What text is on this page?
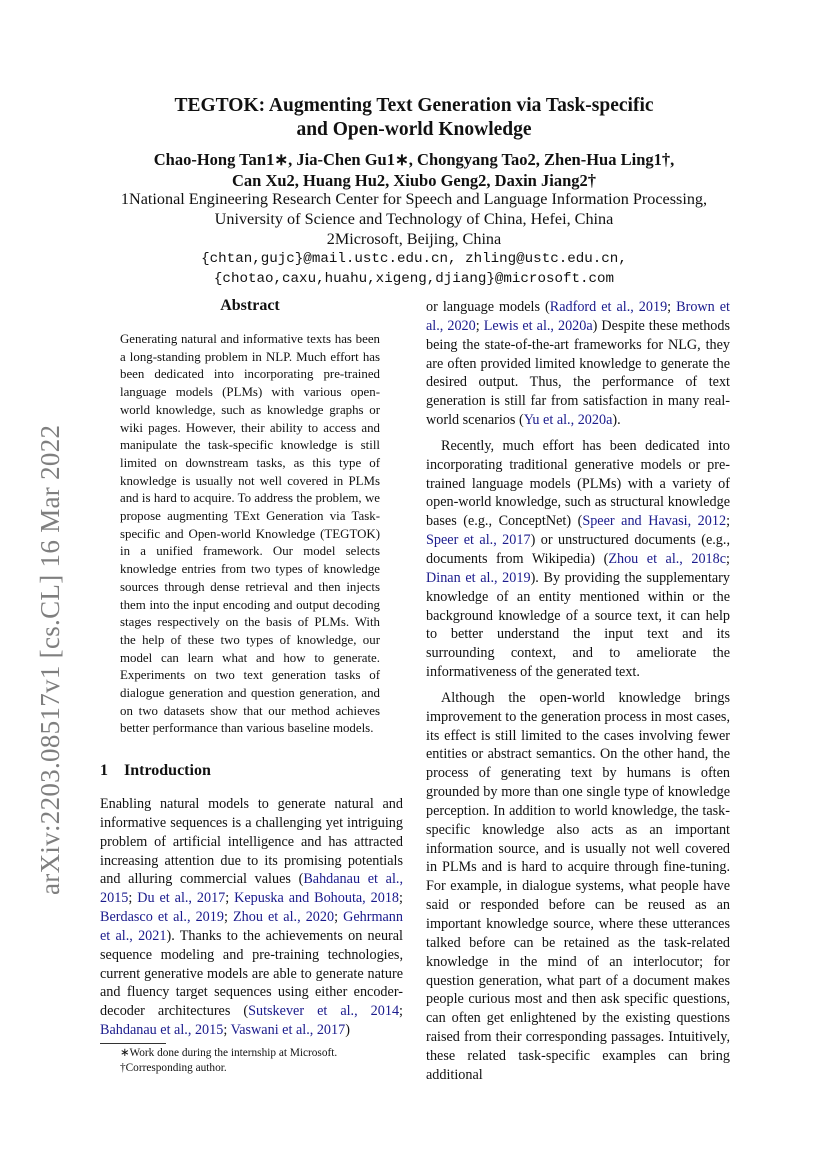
arXiv:2203.08517v1 [cs.CL] 16 Mar 2022
TEGTOK: Augmenting Text Generation via Task-specific
and Open-world Knowledge
Chao-Hong Tan1∗, Jia-Chen Gu1∗, Chongyang Tao2, Zhen-Hua Ling1†,
Can Xu2, Huang Hu2, Xiubo Geng2, Daxin Jiang2†
1National Engineering Research Center for Speech and Language Information Processing,
University of Science and Technology of China, Hefei, China
2Microsoft, Beijing, China
{chtan,gujc}@mail.ustc.edu.cn, zhling@ustc.edu.cn,
{chotao,caxu,huahu,xigeng,djiang}@microsoft.com
Abstract
Generating natural and informative texts has been a long-standing problem in NLP. Much effort has been dedicated into incorporating pre-trained language models (PLMs) with various open-world knowledge, such as knowledge graphs or wiki pages. However, their ability to access and manipulate the task-specific knowledge is still limited on downstream tasks, as this type of knowledge is usually not well covered in PLMs and is hard to acquire. To address the problem, we propose augmenting TExt Generation via Task-specific and Open-world Knowledge (TEGTOK) in a unified framework. Our model selects knowledge entries from two types of knowledge sources through dense retrieval and then injects them into the input encoding and output decoding stages respectively on the basis of PLMs. With the help of these two types of knowledge, our model can learn what and how to generate. Experiments on two text generation tasks of dialogue generation and question generation, and on two datasets show that our method achieves better performance than various baseline models.
1 Introduction
Enabling natural models to generate natural and informative sequences is a challenging yet intriguing problem of artificial intelligence and has attracted increasing attention due to its promising potentials and alluring commercial values (Bahdanau et al., 2015; Du et al., 2017; Kepuska and Bohouta, 2018; Berdasco et al., 2019; Zhou et al., 2020; Gehrmann et al., 2021). Thanks to the achievements on neural sequence modeling and pre-training technologies, current generative models are able to generate nature and fluency target sequences using either encoder-decoder architectures (Sutskever et al., 2014; Bahdanau et al., 2015; Vaswani et al., 2017)
∗Work done during the internship at Microsoft.
†Corresponding author.

or language models (Radford et al., 2019; Brown et al., 2020; Lewis et al., 2020a) Despite these methods being the state-of-the-art frameworks for NLG, they are often provided limited knowledge to generate the desired output. Thus, the performance of text generation is still far from satisfaction in many real-world scenarios (Yu et al., 2020a).

Recently, much effort has been dedicated into incorporating traditional generative models or pre-trained language models (PLMs) with a variety of open-world knowledge, such as structural knowledge bases (e.g., ConceptNet) (Speer and Havasi, 2012; Speer et al., 2017) or unstructured documents (e.g., documents from Wikipedia) (Zhou et al., 2018c; Dinan et al., 2019). By providing the supplementary knowledge of an entity mentioned within or the background knowledge of a source text, it can help to better understand the input text and its surrounding context, and to ameliorate the informativeness of the generated text.

Although the open-world knowledge brings improvement to the generation process in most cases, its effect is still limited to the cases involving fewer entities or abstract semantics. On the other hand, the process of generating text by humans is often grounded by more than one single type of knowledge perception. In addition to world knowledge, the task-specific knowledge also acts as an important information source, and is usually not well covered in PLMs and is hard to acquire through fine-tuning. For example, in dialogue systems, what people have said or responded before can be reused as an important knowledge source, where these utterances talked before can be retained as the task-related knowledge in the mind of an interlocutor; for question generation, what part of a document makes people curious most and then ask specific questions, can often get enlightened by the existing questions raised from their corresponding passages. Intuitively, these related task-specific examples can bring additional
